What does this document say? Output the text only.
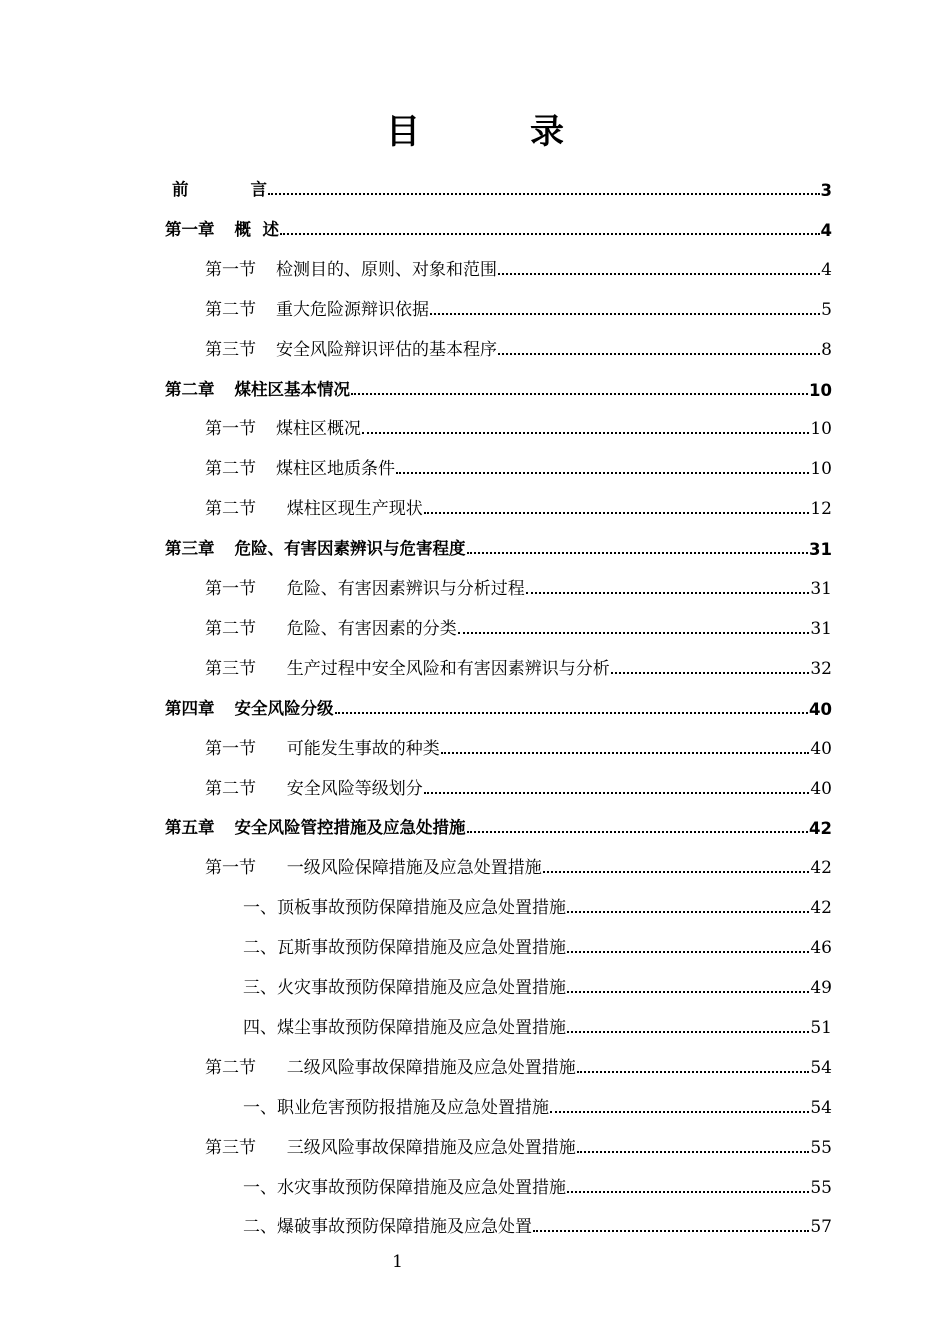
目录
前	言	3
第一章 概  述	4
第一节 检测目的、原则、对象和范围	4
第二节 重大危险源辩识依据	5
第三节 安全风险辩识评估的基本程序	8
第二章 煤柱区基本情况	10
第一节 煤柱区概况	10
第二节 煤柱区地质条件	10
第二节 煤柱区现生产现状	12
第三章 危险、有害因素辨识与危害程度	31
第一节 危险、有害因素辨识与分析过程	31
第二节 危险、有害因素的分类	31
第三节 生产过程中安全风险和有害因素辨识与分析	32
第四章 安全风险分级	40
第一节 可能发生事故的种类	40
第二节 安全风险等级划分	40
第五章 安全风险管控措施及应急处措施	42
第一节 一级风险保障措施及应急处置措施	42
一、顶板事故预防保障措施及应急处置措施	42
二、瓦斯事故预防保障措施及应急处置措施	46
三、火灾事故预防保障措施及应急处置措施	49
四、煤尘事故预防保障措施及应急处置措施	51
第二节 二级风险事故保障措施及应急处置措施	54
一、职业危害预防报措施及应急处置措施	54
第三节 三级风险事故保障措施及应急处置措施	55
一、水灾事故预防保障措施及应急处置措施	55
二、爆破事故预防保障措施及应急处置	57
1
